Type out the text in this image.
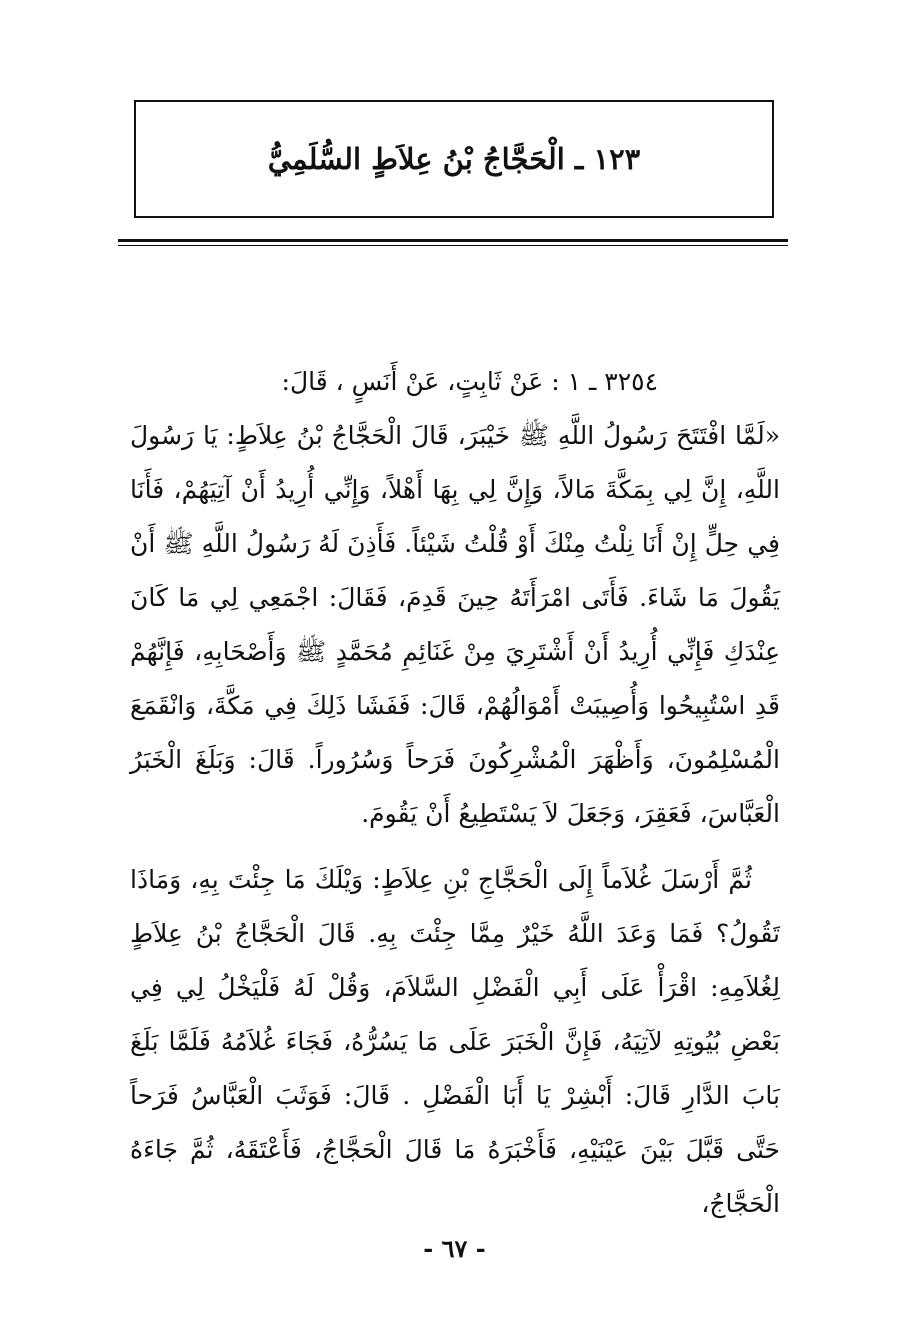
١٢٣ ـ الْحَجَّاجُ بْنُ عِلاَطٍ السُّلَمِيُّ

٣٢٥٤ ـ ١ : عَنْ ثَابِتٍ، عَنْ أَنَسٍ ، قَالَ:

«لَمَّا افْتَتَحَ رَسُولُ اللَّهِ ﷺ خَيْبَرَ، قَالَ الْحَجَّاجُ بْنُ عِلاَطٍ: يَا رَسُولَ اللَّهِ، إِنَّ لِي بِمَكَّةَ مَالاً، وَإِنَّ لِي بِهَا أَهْلاً، وَإِنِّي أُرِيدُ أَنْ آتِيَهُمْ، فَأَنَا فِي حِلٍّ إِنْ أَنَا نِلْتُ مِنْكَ أَوْ قُلْتُ شَيْئاً. فَأَذِنَ لَهُ رَسُولُ اللَّهِ ﷺ أَنْ يَقُولَ مَا شَاءَ. فَأَتَى امْرَأَتَهُ حِينَ قَدِمَ، فَقَالَ: اجْمَعِي لِي مَا كَانَ عِنْدَكِ فَإِنِّي أُرِيدُ أَنْ أَشْتَرِيَ مِنْ غَنَائِمِ مُحَمَّدٍ ﷺ وَأَصْحَابِهِ، فَإِنَّهُمْ قَدِ اسْتُبِيحُوا وَأُصِيبَتْ أَمْوَالُهُمْ، قَالَ: فَفَشَا ذَلِكَ فِي مَكَّةَ، وَانْقَمَعَ الْمُسْلِمُونَ، وَأَظْهَرَ الْمُشْرِكُونَ فَرَحاً وَسُرُوراً. قَالَ: وَبَلَغَ الْخَبَرُ الْعَبَّاسَ، فَعَقِرَ، وَجَعَلَ لاَ يَسْتَطِيعُ أَنْ يَقُومَ.

ثُمَّ أَرْسَلَ غُلاَماً إِلَى الْحَجَّاجِ بْنِ عِلاَطٍ: وَيْلَكَ مَا جِئْتَ بِهِ، وَمَاذَا تَقُولُ؟ فَمَا وَعَدَ اللَّهُ خَيْرٌ مِمَّا جِئْتَ بِهِ. قَالَ الْحَجَّاجُ بْنُ عِلاَطٍ لِغُلاَمِهِ: اقْرَأْ عَلَى أَبِي الْفَضْلِ السَّلاَمَ، وَقُلْ لَهُ فَلْيَخْلُ لِي فِي بَعْضِ بُيُوتِهِ لآتِيَهُ، فَإِنَّ الْخَبَرَ عَلَى مَا يَسُرُّهُ، فَجَاءَ غُلاَمُهُ فَلَمَّا بَلَغَ بَابَ الدَّارِ قَالَ: أَبْشِرْ يَا أَبَا الْفَضْلِ . قَالَ: فَوَثَبَ الْعَبَّاسُ فَرَحاً حَتَّى قَبَّلَ بَيْنَ عَيْنَيْهِ، فَأَخْبَرَهُ مَا قَالَ الْحَجَّاجُ، فَأَعْتَقَهُ، ثُمَّ جَاءَهُ الْحَجَّاجُ،

- ٦٧ -
